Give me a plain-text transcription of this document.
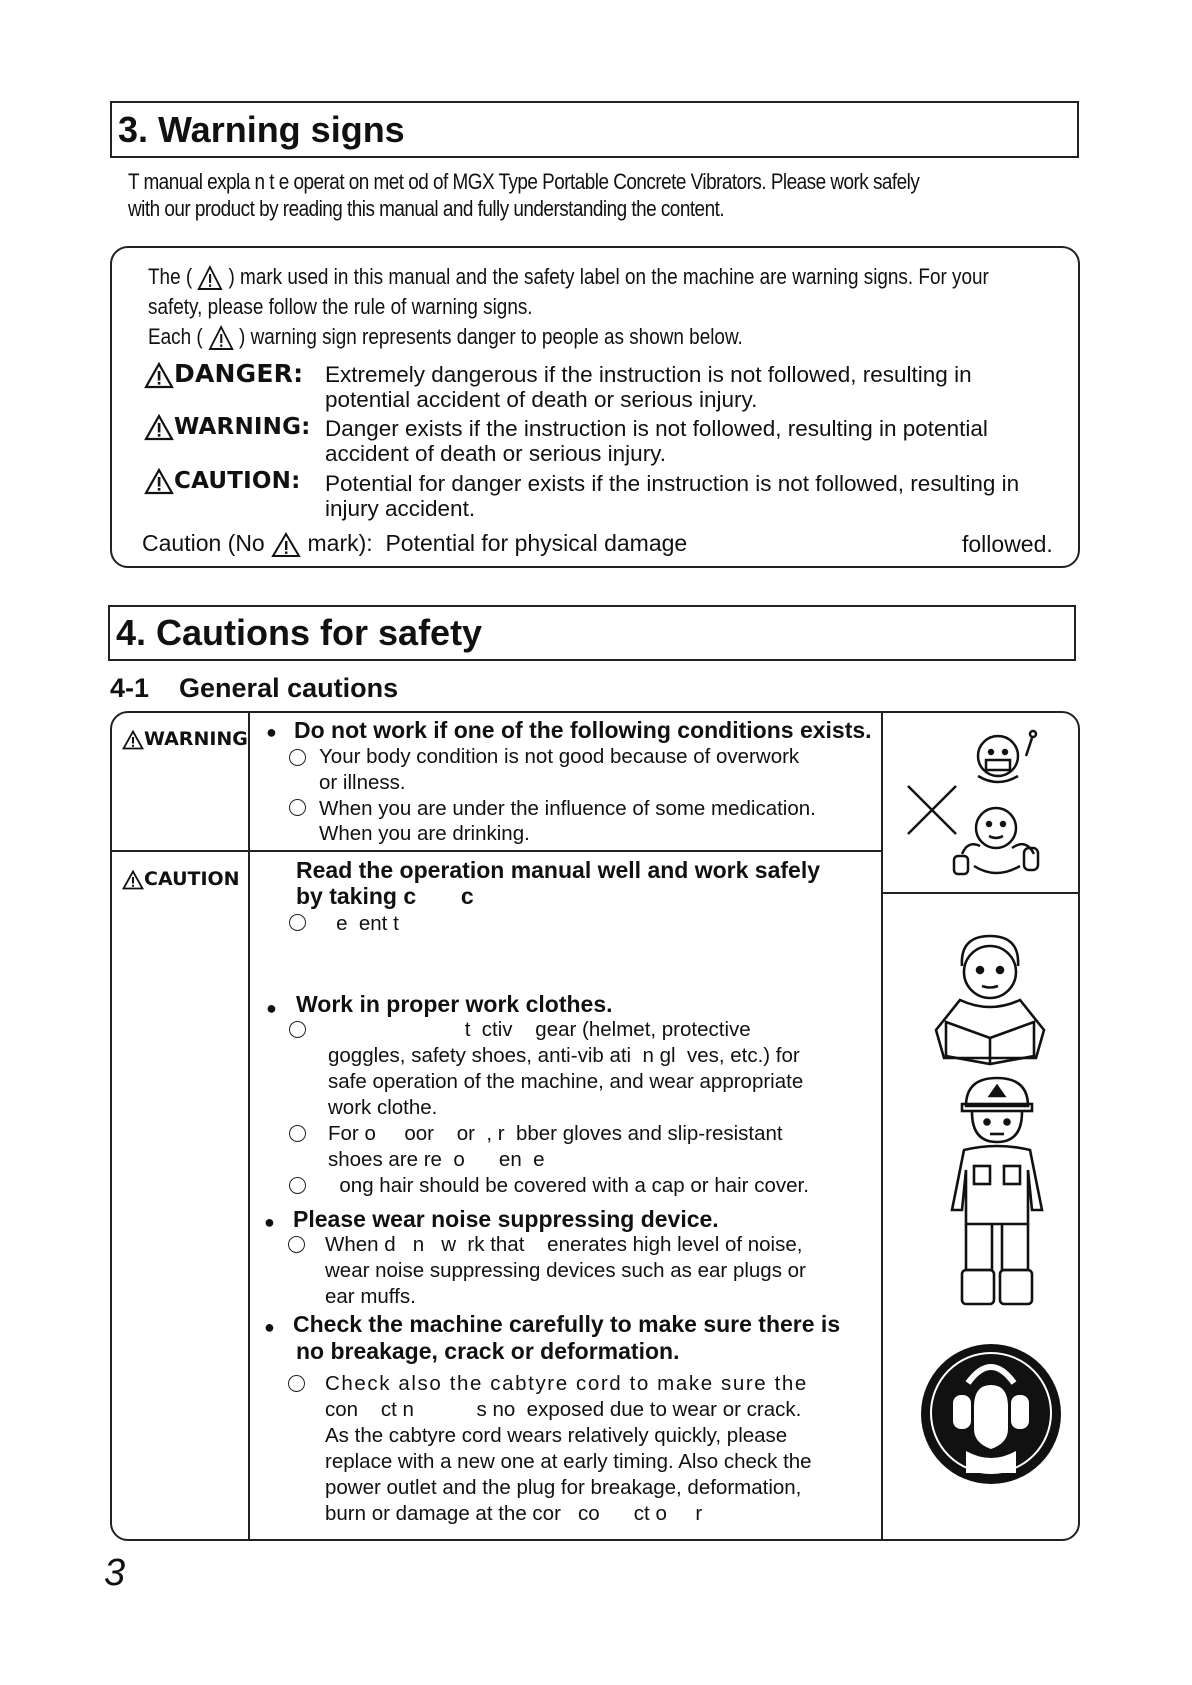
3. Warning signs
T manual expla n t e operat on met od of MGX Type Portable Concrete Vibrators. Please work safely
with our product by reading this manual and fully understanding the content.
The ( ) mark used in this manual and the safety label on the machine are warning signs. For your
safety, please follow the rule of warning signs.
Each ( ) warning sign represents danger to people as shown below.
DANGER: Extremely dangerous if the instruction is not followed, resulting in potential accident of death or serious injury.
WARNING: Danger exists if the instruction is not followed, resulting in potential accident of death or serious injury.
CAUTION: Potential for danger exists if the instruction is not followed, resulting in injury accident.
Caution (No mark): Potential for physical damage	followed.
4. Cautions for safety
4-1    General cautions
WARNING
CAUTION
● Do not work if one of the following conditions exists.
Your body condition is not good because of overwork
or illness.
When you are under the influence of some medication.
When you are drinking.
Read the operation manual well and work safely
by taking c       c
e  ent t
● Work in proper work clothes.
t  ctiv    gear (helmet, protective
goggles, safety shoes, anti-vib ati  n gl  ves, etc.) for
safe operation of the machine, and wear appropriate
work clothe.
For o     oor    or  , r  bber gloves and slip-resistant
shoes are re  o      en  e
ong hair should be covered with a cap or hair cover.
● Please wear noise suppressing device.
When d   n   w  rk that    enerates high level of noise,
wear noise suppressing devices such as ear plugs or
ear muffs.
● Check the machine carefully to make sure there is
no breakage, crack or deformation.
Check also the cabtyre cord to make sure the
con    ct n           s no  exposed due to wear or crack.
As the cabtyre cord wears relatively quickly, please
replace with a new one at early timing. Also check the
power outlet and the plug for breakage, deformation,
burn or damage at the cor   co      ct o     r
NPA-333
3
